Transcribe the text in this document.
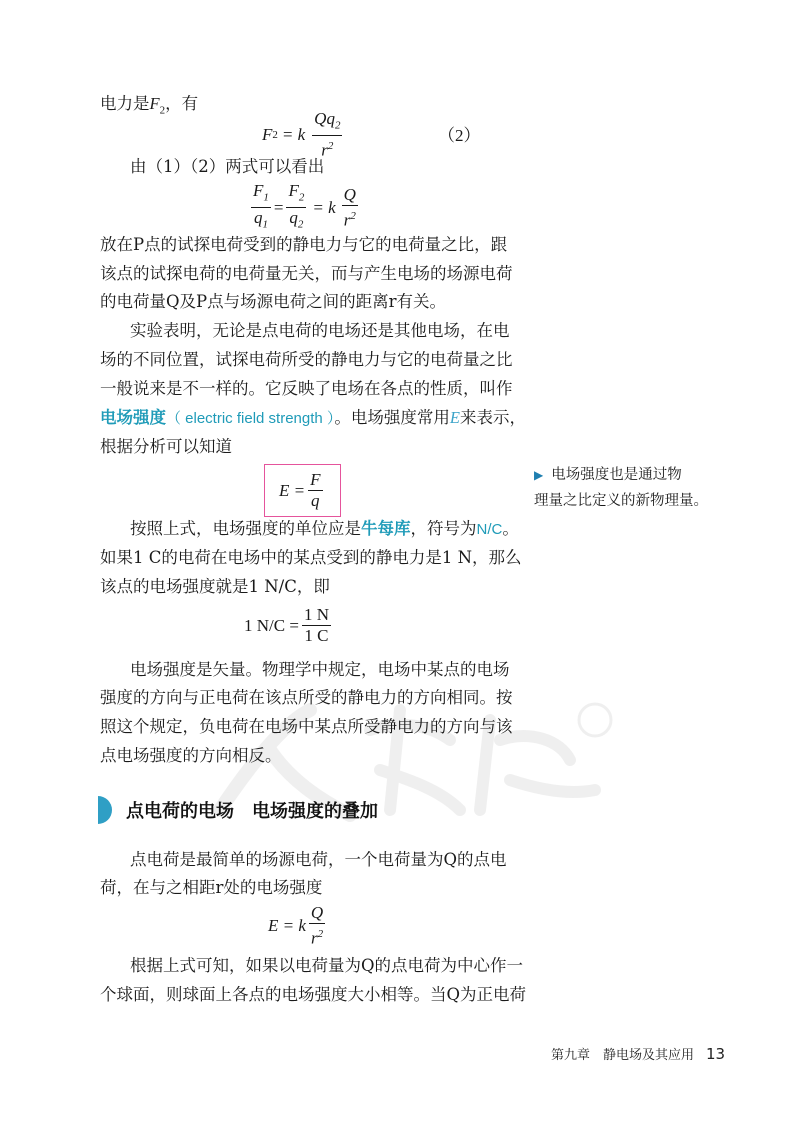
电力是$F_2$，有
F 2 = k $\frac{Qq_2}{r^2}$	（2）
由（1）（2）两式可以看出
$\frac{F_1}{q_1} = \frac{F_2}{q_2} = k \frac{Q}{r^2}$
放在P点的试探电荷受到的静电力与它的电荷量之比，跟
该点的试探电荷的电荷量无关，而与产生电场的场源电荷
的电荷量Q及P点与场源电荷之间的距离r有关。
实验表明，无论是点电荷的电场还是其他电场，在电
场的不同位置，试探电荷所受的静电力与它的电荷量之比
一般说来是不一样的。它反映了电场在各点的性质，叫作
电场强度（ electric field strength ）。电场强度常用E来表示，
根据分析可以知道
$E = \frac{F}{q}$	▶ 电场强度也是通过物
理量之比定义的新物理量。
按照上式，电场强度的单位应是牛每库，符号为N/C。
如果1 C的电荷在电场中的某点受到的静电力是1 N，那么
该点的电场强度就是1 N/C，即
1 $N/C = \frac{1 N}{1 C}$
电场强度是矢量。物理学中规定，电场中某点的电场
强度的方向与正电荷在该点所受的静电力的方向相同。按
照这个规定，负电荷在电场中某点所受静电力的方向与该
点电场强度的方向相反。
点电荷的电场　电场强度的叠加
点电荷是最简单的场源电荷，一个电荷量为Q的点电
荷，在与之相距r处的电场强度
E = k $\frac{Q}{r^2}$
根据上式可知，如果以电荷量为Q的点电荷为中心作一
个球面，则球面上各点的电场强度大小相等。当Q为正电荷
第九章　静电场及其应用 13
